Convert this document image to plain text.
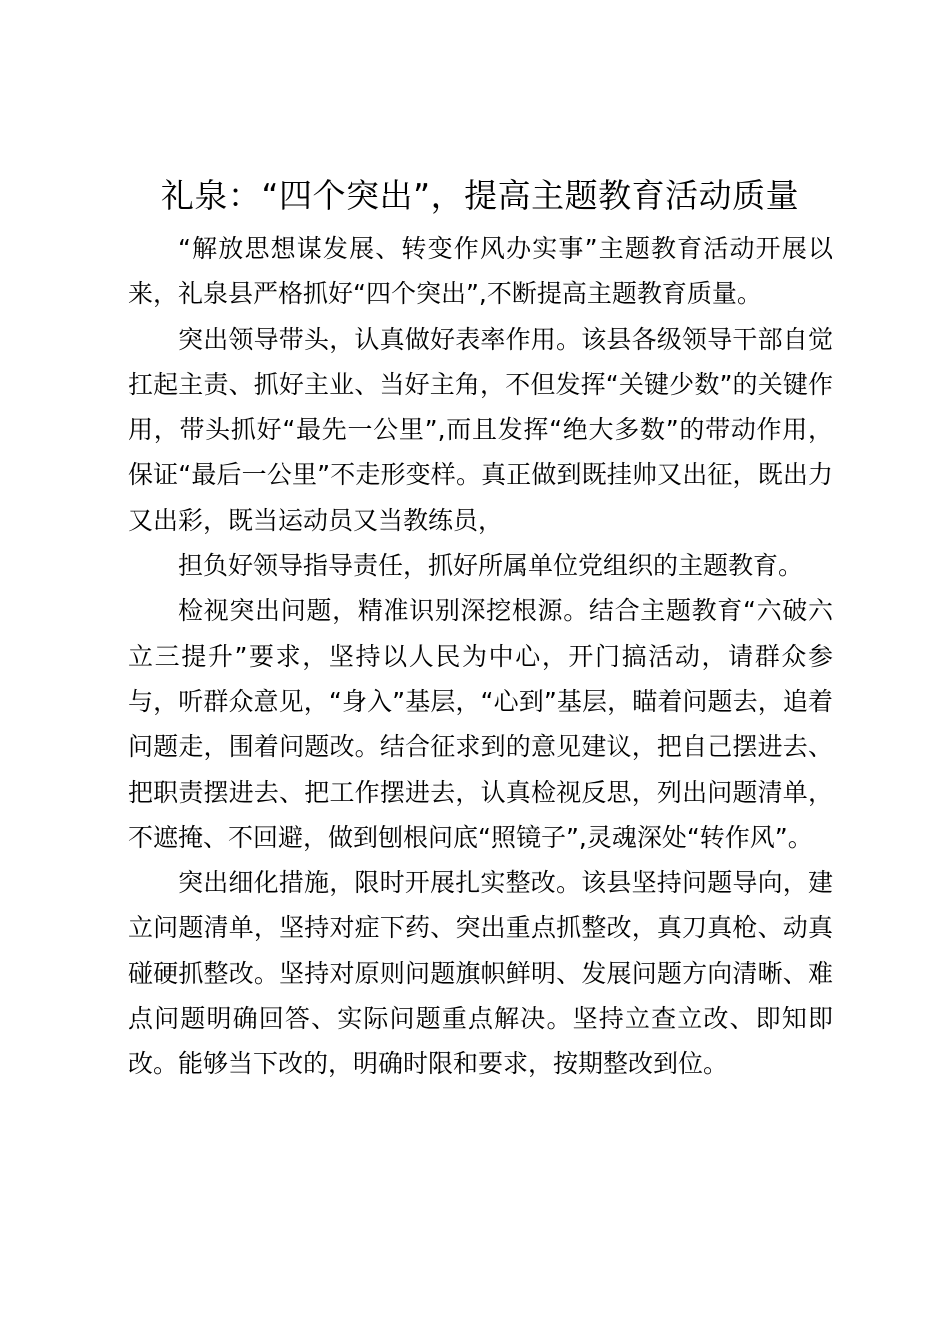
礼泉：“四个突出”，提高主题教育活动质量

“解放思想谋发展、转变作风办实事”主题教育活动开展以来，礼泉县严格抓好“四个突出”,不断提高主题教育质量。

突出领导带头，认真做好表率作用。该县各级领导干部自觉扛起主责、抓好主业、当好主角，不但发挥“关键少数”的关键作用，带头抓好“最先一公里”,而且发挥“绝大多数”的带动作用，保证“最后一公里”不走形变样。真正做到既挂帅又出征，既出力又出彩，既当运动员又当教练员，

担负好领导指导责任，抓好所属单位党组织的主题教育。

检视突出问题，精准识别深挖根源。结合主题教育“六破六立三提升”要求，坚持以人民为中心，开门搞活动，请群众参与，听群众意见，“身入”基层，“心到”基层，瞄着问题去，追着问题走，围着问题改。结合征求到的意见建议，把自己摆进去、把职责摆进去、把工作摆进去，认真检视反思，列出问题清单，不遮掩、不回避，做到刨根问底“照镜子”,灵魂深处“转作风”。

突出细化措施，限时开展扎实整改。该县坚持问题导向，建立问题清单，坚持对症下药、突出重点抓整改，真刀真枪、动真碰硬抓整改。坚持对原则问题旗帜鲜明、发展问题方向清晰、难点问题明确回答、实际问题重点解决。坚持立查立改、即知即改。能够当下改的，明确时限和要求，按期整改到位。
